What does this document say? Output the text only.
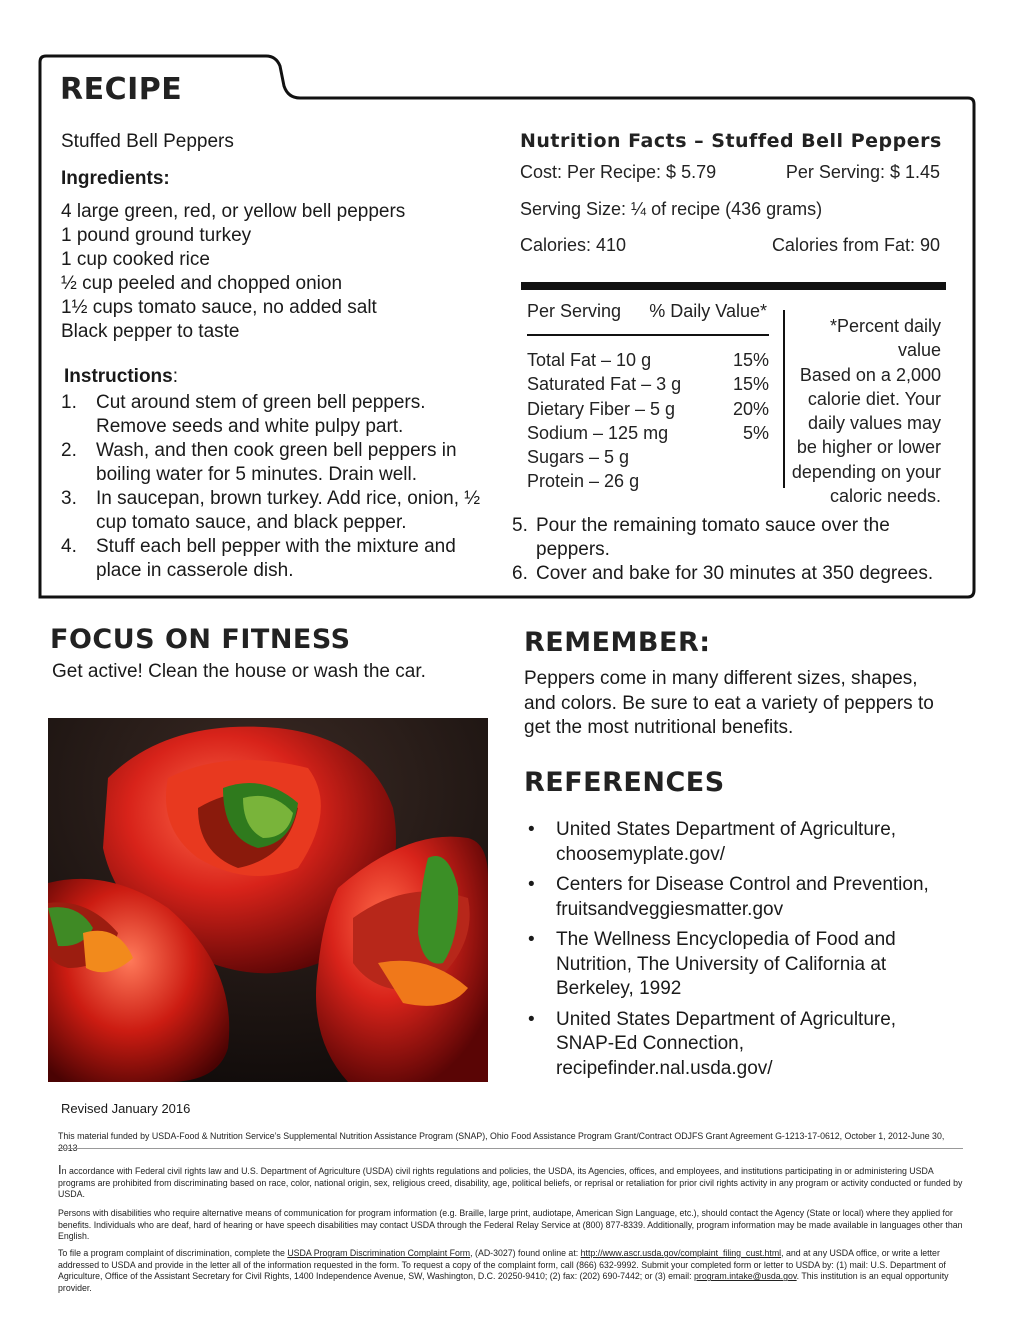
RECIPE
Stuffed Bell Peppers
Ingredients:
4 large green, red, or yellow bell peppers
1 pound ground turkey
1 cup cooked rice
½ cup peeled and chopped onion
1½ cups tomato sauce, no added salt
Black pepper to taste
Instructions:
1. Cut around stem of green bell peppers. Remove seeds and white pulpy part.
2. Wash, and then cook green bell peppers in boiling water for 5 minutes. Drain well.
3. In saucepan, brown turkey. Add rice, onion, ½ cup tomato sauce, and black pepper.
4. Stuff each bell pepper with the mixture and place in casserole dish.
5. Pour the remaining tomato sauce over the peppers.
6. Cover and bake for 30 minutes at 350 degrees.
Nutrition Facts – Stuffed Bell Peppers
Cost: Per Recipe: $ 5.79	Per Serving: $ 1.45
Serving Size: ¼ of recipe (436 grams)
Calories: 410	Calories from Fat: 90
Per Serving % Daily Value*
Total Fat – 10 g	15%
Saturated Fat – 3 g	15%
Dietary Fiber – 5 g	20%
Sodium – 125 mg	5%
Sugars – 5 g
Protein – 26 g
*Percent daily value
Based on a 2,000
calorie diet. Your
daily values may
be higher or lower
depending on your
caloric needs.
FOCUS ON FITNESS
Get active! Clean the house or wash the car.
REMEMBER:
Peppers come in many different sizes, shapes, and colors. Be sure to eat a variety of peppers to get the most nutritional benefits.
REFERENCES
• United States Department of Agriculture, choosemyplate.gov/
• Centers for Disease Control and Prevention, fruitsandveggiesmatter.gov
• The Wellness Encyclopedia of Food and Nutrition, The University of California at Berkeley, 1992
• United States Department of Agriculture, SNAP-Ed Connection, recipefinder.nal.usda.gov/
Revised January 2016
This material funded by USDA-Food & Nutrition Service’s Supplemental Nutrition Assistance Program (SNAP), Ohio Food Assistance Program Grant/Contract ODJFS Grant Agreement G-1213-17-0612, October 1, 2012-June 30,
In accordance with Federal civil rights law and U.S. Department of Agriculture (USDA) civil rights regulations and policies, the USDA, its Agencies, offices, and employees, and institutions participating in or administering USDA programs are prohibited from discriminating based on race, color, national origin, sex, religious creed, disability, age, political beliefs, or reprisal or retaliation for prior civil rights activity in any program or activity conducted or funded by USDA.
Persons with disabilities who require alternative means of communication for program information (e.g. Braille, large print, audiotape, American Sign Language, etc.), should contact the Agency (State or local) where they applied for benefits. Individuals who are deaf, hard of hearing or have speech disabilities may contact USDA through the Federal Relay Service at (800) 877-8339. Additionally, program information may be made available in languages other than English.
To file a program complaint of discrimination, complete the USDA Program Discrimination Complaint Form, (AD-3027) found online at: http://www.ascr.usda.gov/complaint_filing_cust.html, and at any USDA office, or write a letter addressed to USDA and provide in the letter all of the information requested in the form. To request a copy of the complaint form, call (866) 632-9992. Submit your completed form or letter to USDA by: (1) mail: U.S. Department of Agriculture, Office of the Assistant Secretary for Civil Rights, 1400 Independence Avenue, SW, Washington, D.C. 20250-9410; (2) fax: (202) 690-7442; or (3) email: program.intake@usda.gov. This institution is an equal opportunity provider.
